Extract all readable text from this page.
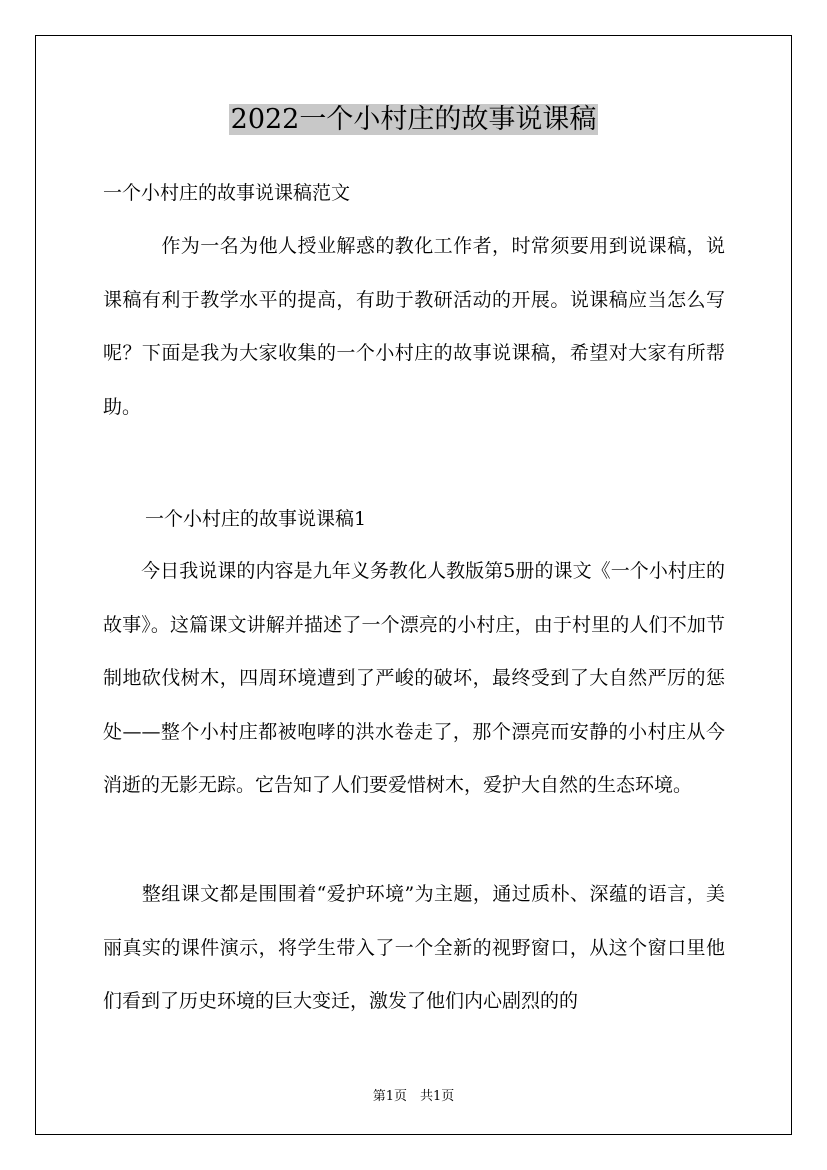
2022一个小村庄的故事说课稿
一个小村庄的故事说课稿范文

　　　作为一名为他人授业解惑的教化工作者，时常须要用到说课稿，说课稿有利于教学水平的提高，有助于教研活动的开展。说课稿应当怎么写呢？下面是我为大家收集的一个小村庄的故事说课稿，希望对大家有所帮助。

一个小村庄的故事说课稿1

　　今日我说课的内容是九年义务教化人教版第5册的课文《一个小村庄的故事》。这篇课文讲解并描述了一个漂亮的小村庄，由于村里的人们不加节制地砍伐树木，四周环境遭到了严峻的破坏，最终受到了大自然严厉的惩处——整个小村庄都被咆哮的洪水卷走了，那个漂亮而安静的小村庄从今消逝的无影无踪。它告知了人们要爱惜树木，爱护大自然的生态环境。

　　整组课文都是围围着“爱护环境”为主题，通过质朴、深蕴的语言，美丽真实的课件演示，将学生带入了一个全新的视野窗口，从这个窗口里他们看到了历史环境的巨大变迁，激发了他们内心剧烈的的

第1页　共1页
